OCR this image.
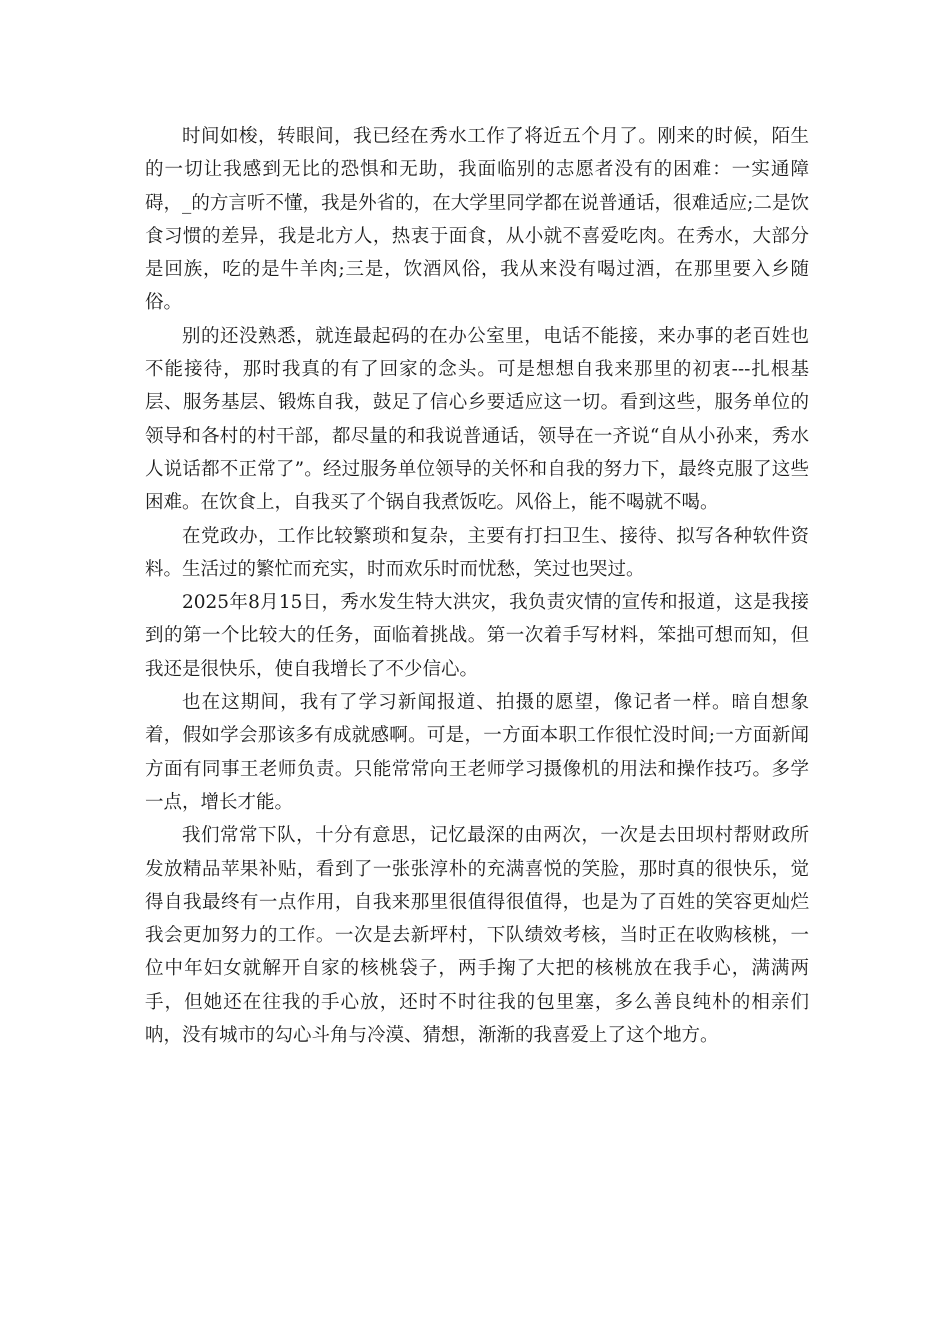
时间如梭，转眼间，我已经在秀水工作了将近五个月了。刚来的时候，陌生的一切让我感到无比的恐惧和无助，我面临别的志愿者没有的困难：一实通障碍，_的方言听不懂，我是外省的，在大学里同学都在说普通话，很难适应;二是饮食习惯的差异，我是北方人，热衷于面食，从小就不喜爱吃肉。在秀水，大部分是回族，吃的是牛羊肉;三是，饮酒风俗，我从来没有喝过酒，在那里要入乡随俗。

别的还没熟悉，就连最起码的在办公室里，电话不能接，来办事的老百姓也不能接待，那时我真的有了回家的念头。可是想想自我来那里的初衷---扎根基层、服务基层、锻炼自我，鼓足了信心乡要适应这一切。看到这些，服务单位的领导和各村的村干部，都尽量的和我说普通话，领导在一齐说“自从小孙来，秀水人说话都不正常了”。经过服务单位领导的关怀和自我的努力下，最终克服了这些困难。在饮食上，自我买了个锅自我煮饭吃。风俗上，能不喝就不喝。

在党政办，工作比较繁琐和复杂，主要有打扫卫生、接待、拟写各种软件资料。生活过的繁忙而充实，时而欢乐时而忧愁，笑过也哭过。

2025年8月15日，秀水发生特大洪灾，我负责灾情的宣传和报道，这是我接到的第一个比较大的任务，面临着挑战。第一次着手写材料，笨拙可想而知，但我还是很快乐，使自我增长了不少信心。

也在这期间，我有了学习新闻报道、拍摄的愿望，像记者一样。暗自想象着，假如学会那该多有成就感啊。可是，一方面本职工作很忙没时间;一方面新闻方面有同事王老师负责。只能常常向王老师学习摄像机的用法和操作技巧。多学一点，增长才能。

我们常常下队，十分有意思，记忆最深的由两次，一次是去田坝村帮财政所发放精品苹果补贴，看到了一张张淳朴的充满喜悦的笑脸，那时真的很快乐，觉得自我最终有一点作用，自我来那里很值得很值得，也是为了百姓的笑容更灿烂我会更加努力的工作。一次是去新坪村，下队绩效考核，当时正在收购核桃，一位中年妇女就解开自家的核桃袋子，两手掬了大把的核桃放在我手心，满满两手，但她还在往我的手心放，还时不时往我的包里塞，多么善良纯朴的相亲们呐，没有城市的勾心斗角与冷漠、猜想，渐渐的我喜爱上了这个地方。
